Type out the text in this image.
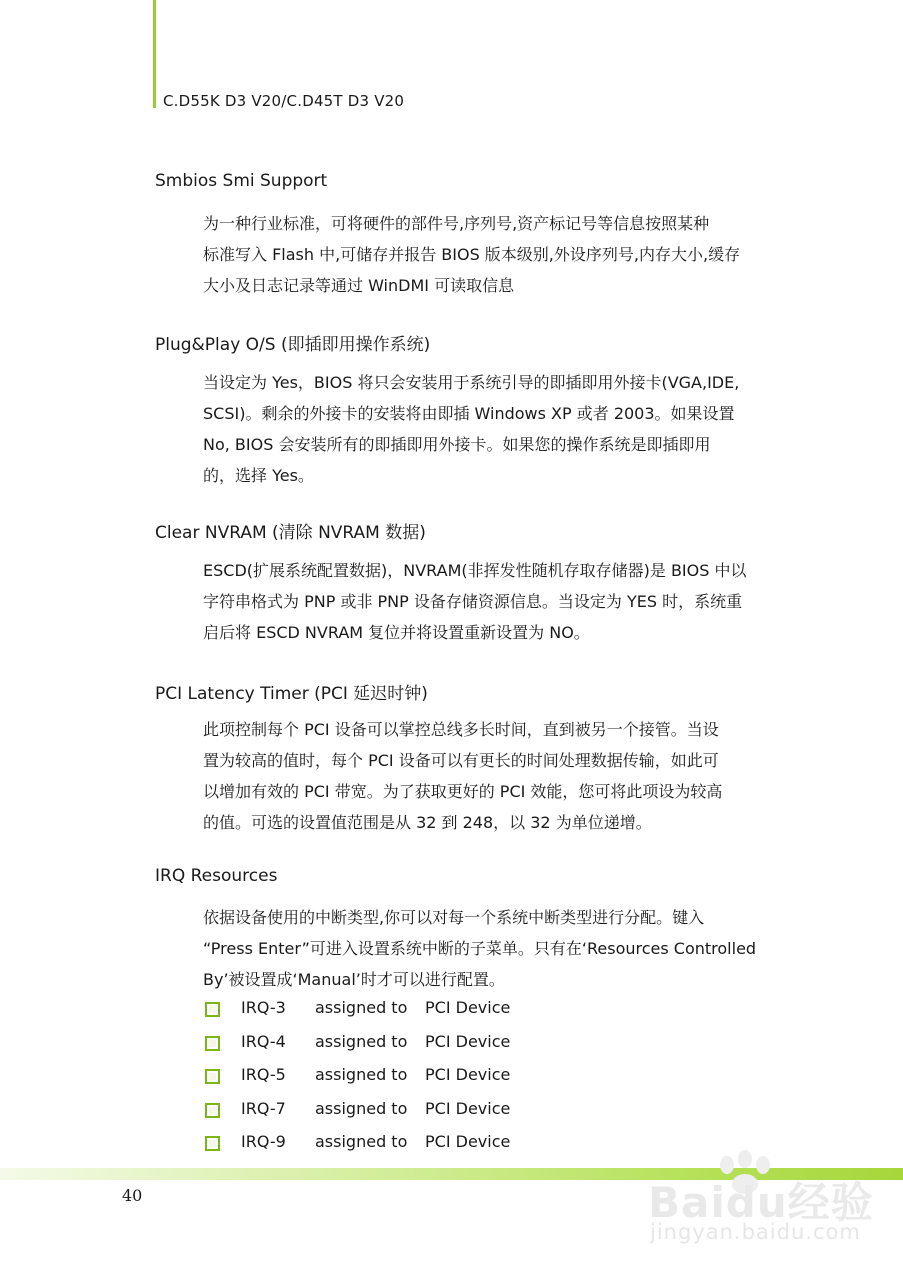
C.D55K D3 V20/C.D45T D3 V20
Smbios Smi Support

为一种行业标准，可将硬件的部件号,序列号,资产标记号等信息按照某种

标准写入 Flash 中,可储存并报告 BIOS 版本级别,外设序列号,内存大小,缓存

大小及日志记录等通过 WinDMI 可读取信息

Plug&Play O/S (即插即用操作系统)

当设定为 Yes，BIOS 将只会安装用于系统引导的即插即用外接卡(VGA,IDE,

SCSI)。剩余的外接卡的安装将由即插 Windows XP 或者 2003。如果设置

No, BIOS 会安装所有的即插即用外接卡。如果您的操作系统是即插即用

的，选择 Yes。

Clear NVRAM (清除 NVRAM 数据)

ESCD(扩展系统配置数据)，NVRAM(非挥发性随机存取存储器)是 BIOS 中以

字符串格式为 PNP 或非 PNP 设备存储资源信息。当设定为 YES 时，系统重

启后将 ESCD NVRAM 复位并将设置重新设置为 NO。

PCI Latency Timer (PCI 延迟时钟)

此项控制每个 PCI 设备可以掌控总线多长时间，直到被另一个接管。当设

置为较高的值时，每个 PCI 设备可以有更长的时间处理数据传输，如此可

以增加有效的 PCI 带宽。为了获取更好的 PCI 效能，您可将此项设为较高

的值。可选的设置值范围是从 32 到 248，以 32 为单位递增。

IRQ Resources

依据设备使用的中断类型,你可以对每一个系统中断类型进行分配。键入

“Press Enter”可进入设置系统中断的子菜单。只有在‘Resources Controlled

By’被设置成‘Manual’时才可以进行配置。

IRQ-3 assigned to PCI Device
IRQ-4 assigned to PCI Device
IRQ-5 assigned to PCI Device
IRQ-7 assigned to PCI Device
IRQ-9 assigned to PCI Device
40	Baidu经验
jingyan.baidu.com
